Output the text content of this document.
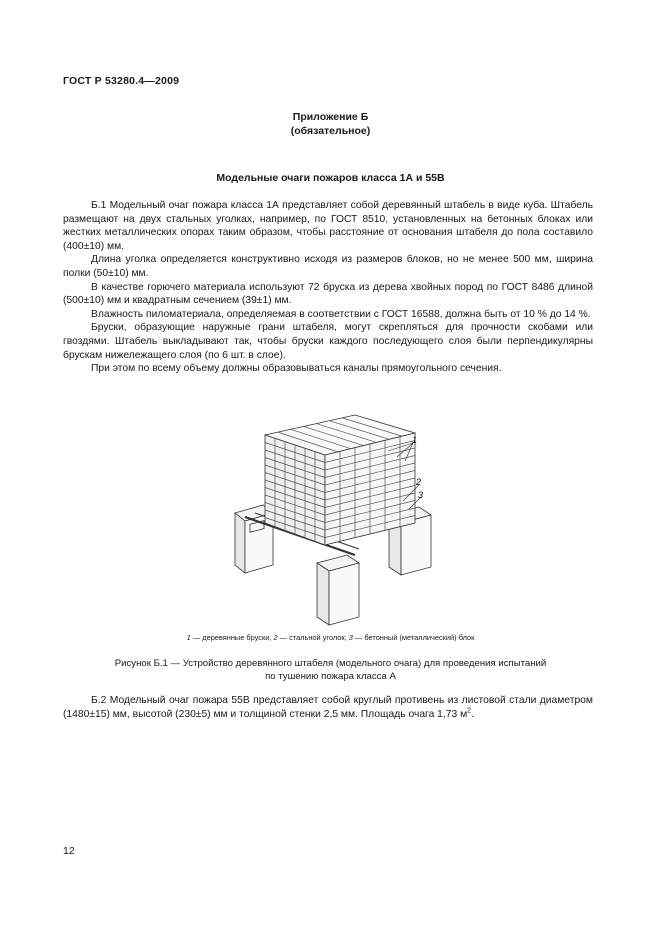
ГОСТ Р 53280.4—2009
Приложение Б
(обязательное)
Модельные очаги пожаров класса 1А и 55В

Б.1 Модельный очаг пожара класса 1А представляет собой деревянный штабель в виде куба. Штабель размещают на двух стальных уголках, например, по ГОСТ 8510, установленных на бетонных блоках или жестких металлических опорах таким образом, чтобы расстояние от основания штабеля до пола составило (400±10) мм.

Длина уголка определяется конструктивно исходя из размеров блоков, но не менее 500 мм, ширина полки (50±10) мм.

В качестве горючего материала используют 72 бруска из дерева хвойных пород по ГОСТ 8486 длиной (500±10) мм и квадратным сечением (39±1) мм.

Влажность пиломатериала, определяемая в соответствии с ГОСТ 16588, должна быть от 10 % до 14 %.

Бруски, образующие наружные грани штабеля, могут скрепляться для прочности скобами или гвоздями. Штабель выкладывают так, чтобы бруски каждого последующего слоя были перпендикулярны брускам нижележащего слоя (по 6 шт. в слое).

При этом по всему объему должны образовываться каналы прямоугольного сечения.

1
2
3
1 — деревянные бруски, 2 — стальной уголок; 3 — бетонный (металлический) блок
Рисунок Б.1 — Устройство деревянного штабеля (модельного очага) для проведения испытаний
по тушению пожара класса А

Б.2 Модельный очаг пожара 55В представляет собой круглый противень из листовой стали диаметром (1480±15) мм, высотой (230±5) мм и толщиной стенки 2,5 мм. Площадь очага 1,73 $м^2$.

12
